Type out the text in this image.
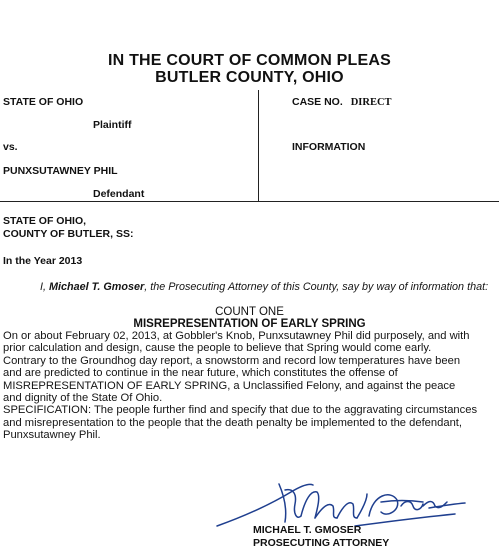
IN THE COURT OF COMMON PLEAS
BUTLER COUNTY, OHIO
STATE OF OHIO
Plaintiff
vs.
PUNXSUTAWNEY PHIL
Defendant
CASE NO. DIRECT
INFORMATION
STATE OF OHIO,
COUNTY OF BUTLER, SS:
In the Year 2013
I, Michael T. Gmoser, the Prosecuting Attorney of this County, say by way of information that:
COUNT ONE
MISREPRESENTATION OF EARLY SPRING
On or about February 02, 2013, at Gobbler's Knob, Punxsutawney Phil did purposely, and with
prior calculation and design, cause the people to believe that Spring would come early.
Contrary to the Groundhog day report, a snowstorm and record low temperatures have been
and are predicted to continue in the near future, which constitutes the offense of
MISREPRESENTATION OF EARLY SPRING, a Unclassified Felony, and against the peace
and dignity of the State Of Ohio.
SPECIFICATION: The people further find and specify that due to the aggravating circumstances
and misrepresentation to the people that the death penalty be implemented to the defendant,
Punxsutawney Phil.
MICHAEL T. GMOSER
PROSECUTING ATTORNEY
